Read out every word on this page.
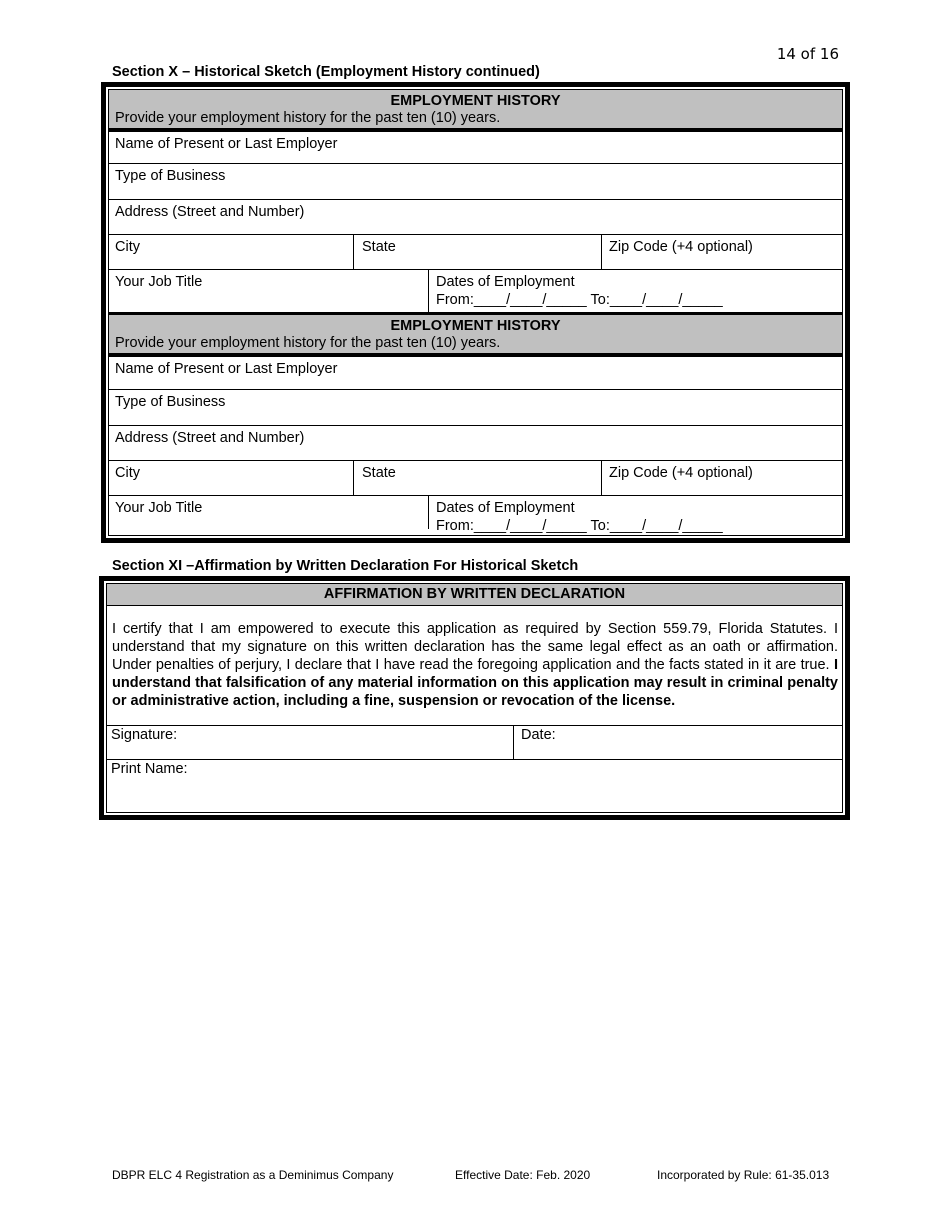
14 of 16
Section X – Historical Sketch (Employment History continued)
EMPLOYMENT HISTORY
Provide your employment history for the past ten (10) years.
Name of Present or Last Employer
Type of Business
Address (Street and Number)
City	State	Zip Code (+4 optional)
Your Job Title	Dates of Employment
From:____/____/_____ To:____/____/_____
EMPLOYMENT HISTORY
Provide your employment history for the past ten (10) years.
Name of Present or Last Employer
Type of Business
Address (Street and Number)
City	State	Zip Code (+4 optional)
Your Job Title	Dates of Employment
From:____/____/_____ To:____/____/_____
Section XI –Affirmation by Written Declaration For Historical Sketch
AFFIRMATION BY WRITTEN DECLARATION
I certify that I am empowered to execute this application as required by Section 559.79, Florida Statutes. I understand that my signature on this written declaration has the same legal effect as an oath or affirmation. Under penalties of perjury, I declare that I have read the foregoing application and the facts stated in it are true. I understand that falsification of any material information on this application may result in criminal penalty or administrative action, including a fine, suspension or revocation of the license.
Signature:	Date:
Print Name:
DBPR ELC 4 Registration as a Deminimus Company	Effective Date: Feb. 2020	Incorporated by Rule: 61-35.013
